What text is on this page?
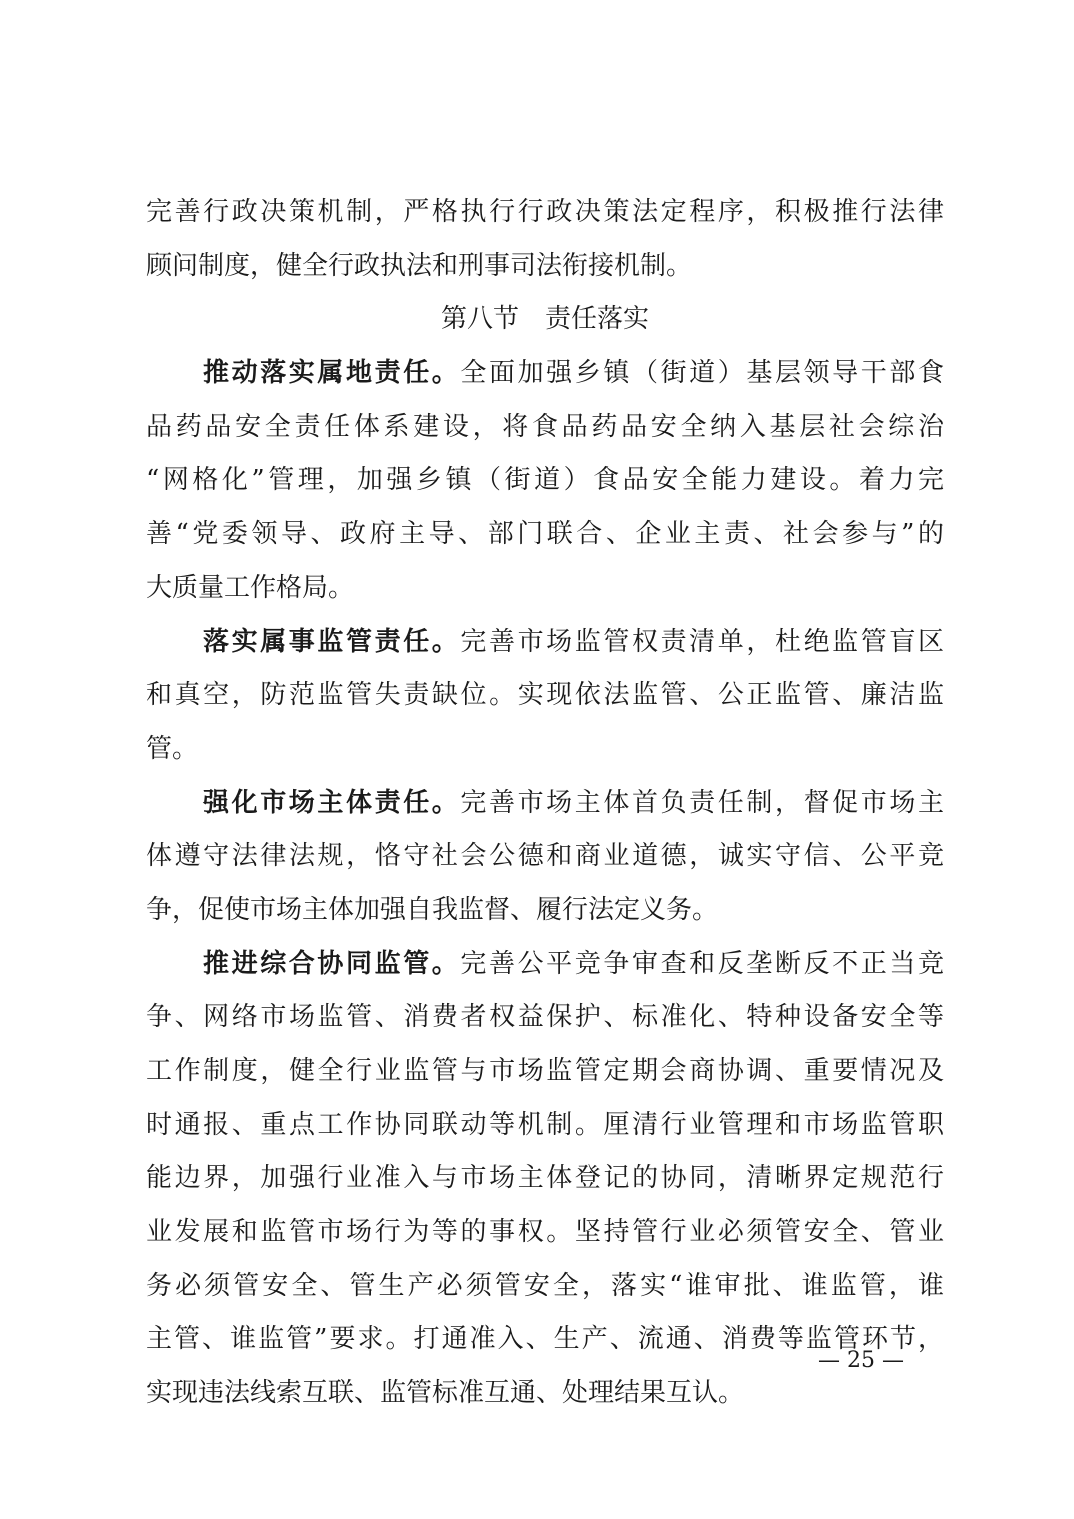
完善行政决策机制，严格执行行政决策法定程序，积极推行法律
顾问制度，健全行政执法和刑事司法衔接机制。
第八节　责任落实
推动落实属地责任。全面加强乡镇（街道）基层领导干部食
品药品安全责任体系建设，将食品药品安全纳入基层社会综治
“网格化”管理，加强乡镇（街道）食品安全能力建设。着力完
善“党委领导、政府主导、部门联合、企业主责、社会参与”的
大质量工作格局。
落实属事监管责任。完善市场监管权责清单，杜绝监管盲区
和真空，防范监管失责缺位。实现依法监管、公正监管、廉洁监
管。
强化市场主体责任。完善市场主体首负责任制，督促市场主
体遵守法律法规，恪守社会公德和商业道德，诚实守信、公平竞
争，促使市场主体加强自我监督、履行法定义务。
推进综合协同监管。完善公平竞争审查和反垄断反不正当竞
争、网络市场监管、消费者权益保护、标准化、特种设备安全等
工作制度，健全行业监管与市场监管定期会商协调、重要情况及
时通报、重点工作协同联动等机制。厘清行业管理和市场监管职
能边界，加强行业准入与市场主体登记的协同，清晰界定规范行
业发展和监管市场行为等的事权。坚持管行业必须管安全、管业
务必须管安全、管生产必须管安全，落实“谁审批、谁监管，谁
主管、谁监管”要求。打通准入、生产、流通、消费等监管环节，
实现违法线索互联、监管标准互通、处理结果互认。
— 25 —
